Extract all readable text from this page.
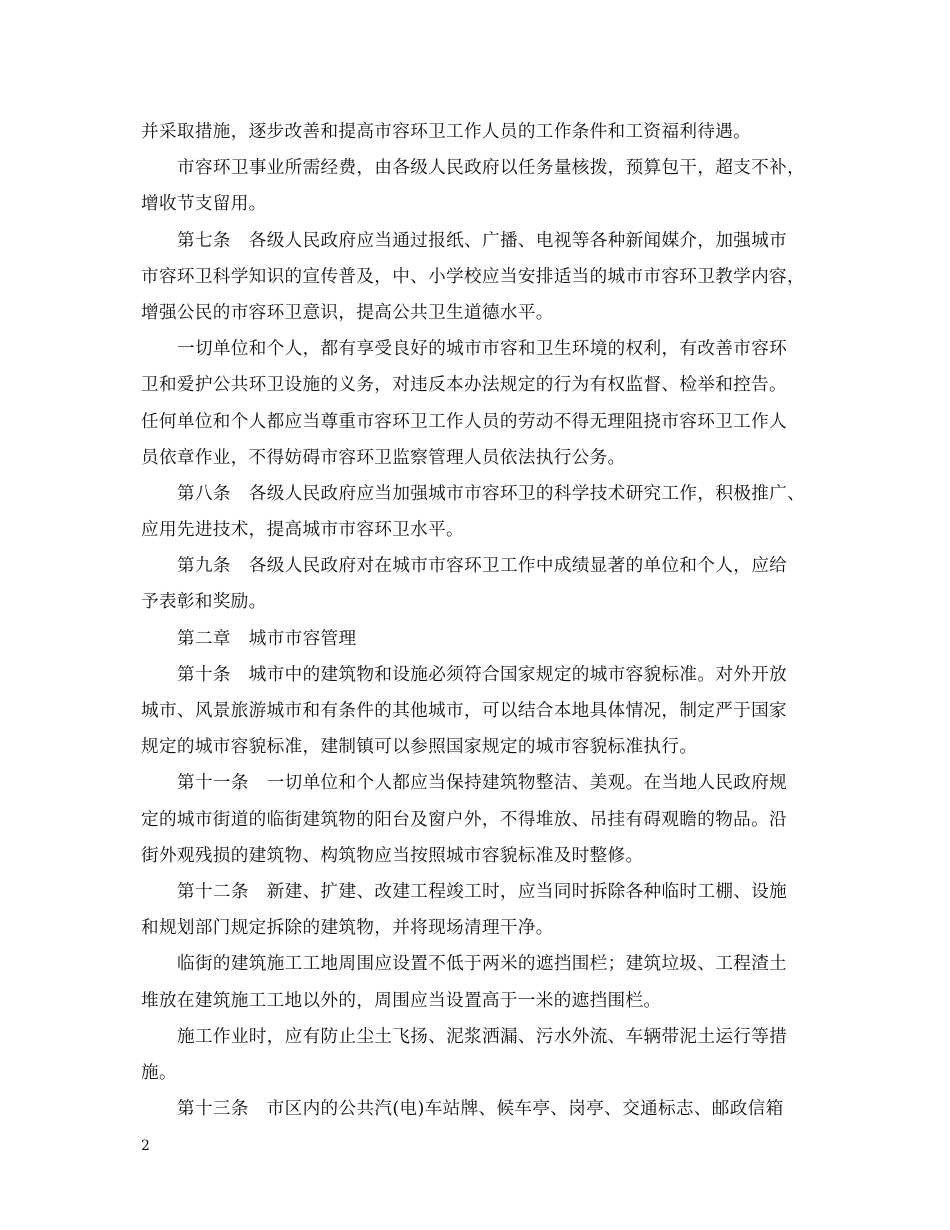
并采取措施，逐步改善和提高市容环卫工作人员的工作条件和工资福利待遇。
市容环卫事业所需经费，由各级人民政府以任务量核拨，预算包干，超支不补，
增收节支留用。
第七条　各级人民政府应当通过报纸、广播、电视等各种新闻媒介，加强城市
市容环卫科学知识的宣传普及，中、小学校应当安排适当的城市市容环卫教学内容，
增强公民的市容环卫意识，提高公共卫生道德水平。
一切单位和个人，都有享受良好的城市市容和卫生环境的权利，有改善市容环
卫和爱护公共环卫设施的义务，对违反本办法规定的行为有权监督、检举和控告。
任何单位和个人都应当尊重市容环卫工作人员的劳动不得无理阻挠市容环卫工作人
员依章作业，不得妨碍市容环卫监察管理人员依法执行公务。
第八条　各级人民政府应当加强城市市容环卫的科学技术研究工作，积极推广、
应用先进技术，提高城市市容环卫水平。
第九条　各级人民政府对在城市市容环卫工作中成绩显著的单位和个人，应给
予表彰和奖励。
第二章　城市市容管理
第十条　城市中的建筑物和设施必须符合国家规定的城市容貌标准。对外开放
城市、风景旅游城市和有条件的其他城市，可以结合本地具体情况，制定严于国家
规定的城市容貌标准，建制镇可以参照国家规定的城市容貌标准执行。
第十一条　一切单位和个人都应当保持建筑物整洁、美观。在当地人民政府规
定的城市街道的临街建筑物的阳台及窗户外，不得堆放、吊挂有碍观瞻的物品。沿
街外观残损的建筑物、构筑物应当按照城市容貌标准及时整修。
第十二条　新建、扩建、改建工程竣工时，应当同时拆除各种临时工棚、设施
和规划部门规定拆除的建筑物，并将现场清理干净。
临街的建筑施工工地周围应设置不低于两米的遮挡围栏；建筑垃圾、工程渣土
堆放在建筑施工工地以外的，周围应当设置高于一米的遮挡围栏。
施工作业时，应有防止尘土飞扬、泥浆洒漏、污水外流、车辆带泥土运行等措
施。
第十三条　市区内的公共汽(电)车站牌、候车亭、岗亭、交通标志、邮政信箱
2
